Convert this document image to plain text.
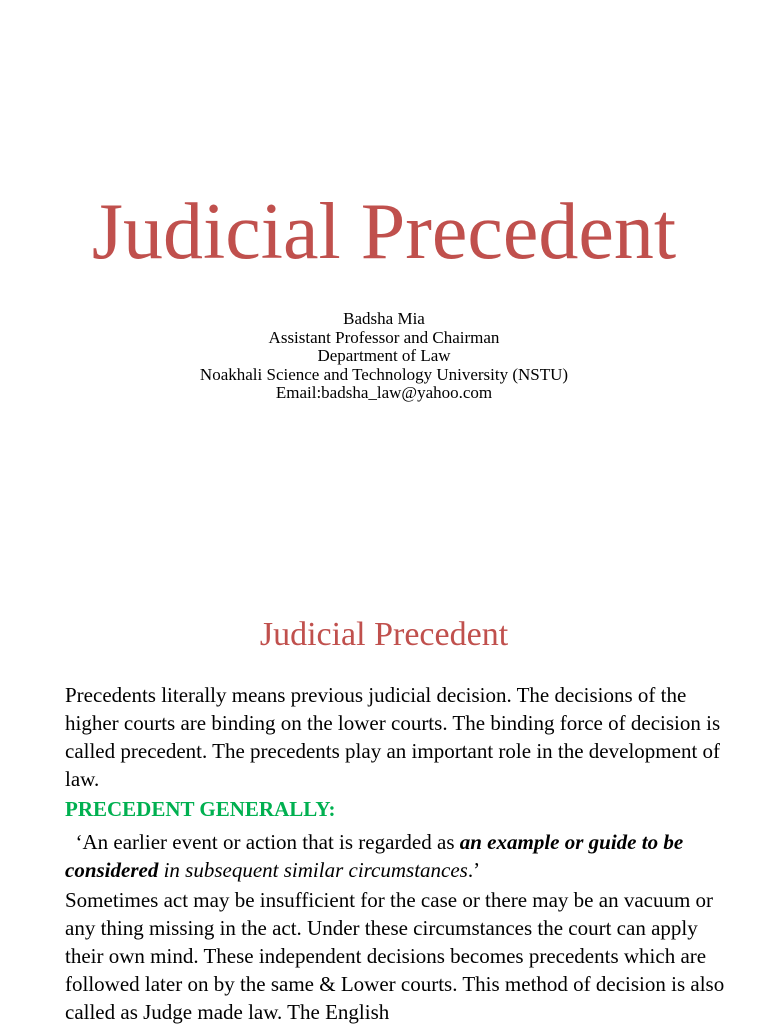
Judicial Precedent
Badsha Mia
Assistant Professor and Chairman
Department of Law
Noakhali Science and Technology University (NSTU)
Email:badsha_law@yahoo.com
Judicial Precedent

Precedents literally means previous judicial decision. The decisions of the higher courts are binding on the lower courts. The binding force of decision is called precedent. The precedents play an important role in the development of law.

PRECEDENT GENERALLY:

‘An earlier event or action that is regarded as an example or guide to be considered in subsequent similar circumstances.’

Sometimes act may be insufficient for the case or there may be an vacuum or any thing missing in the act. Under these circumstances the court can apply their own mind. These independent decisions becomes precedents which are followed later on by the same & Lower courts. This method of decision is also called as Judge made law. The English
